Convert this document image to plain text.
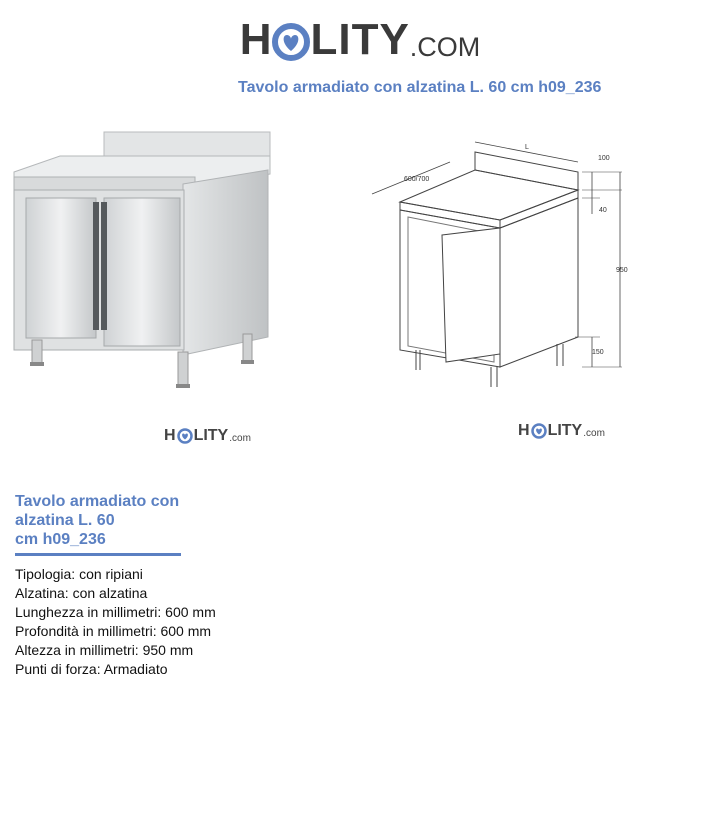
H LITY .COM
Tavolo armadiato con alzatina L. 60 cm h09_236
H LITY .com
L
600/700
100
40
950
150
H LITY .com
Tavolo armadiato con
alzatina L. 60
cm h09_236
Tipologia: con ripiani
Alzatina: con alzatina
Lunghezza in millimetri: 600 mm
Profondità in millimetri: 600 mm
Altezza in millimetri: 950 mm
Punti di forza: Armadiato
